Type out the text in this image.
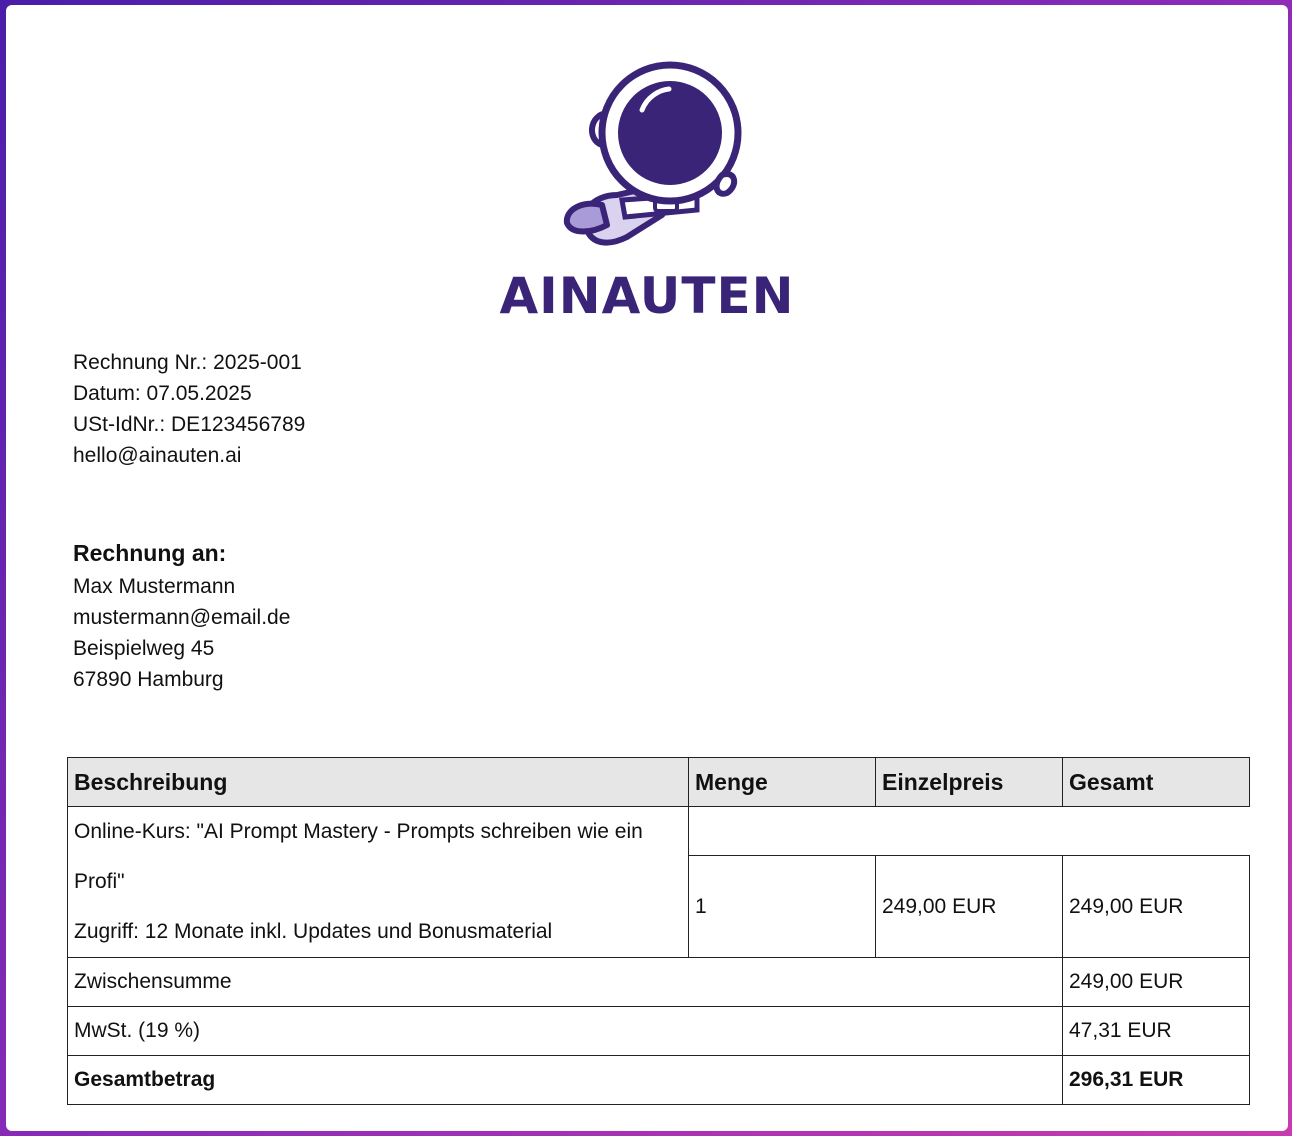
AINAUTEN
Rechnung Nr.: 2025-001
Datum: 07.05.2025
USt-IdNr.: DE123456789
hello@ainauten.ai
Rechnung an:
Max Mustermann
mustermann@email.de
Beispielweg 45
67890 Hamburg
Beschreibung	Menge	Einzelpreis	Gesamt

Online-Kurs: "AI Prompt Mastery - Prompts schreiben wie ein
Profi"
Zugriff: 12 Monate inkl. Updates und Bonusmaterial			

	1	249,00 EUR	249,00 EUR
Zwischensumme			249,00 EUR
MwSt. (19 %)			47,31 EUR
Gesamtbetrag			296,31 EUR
